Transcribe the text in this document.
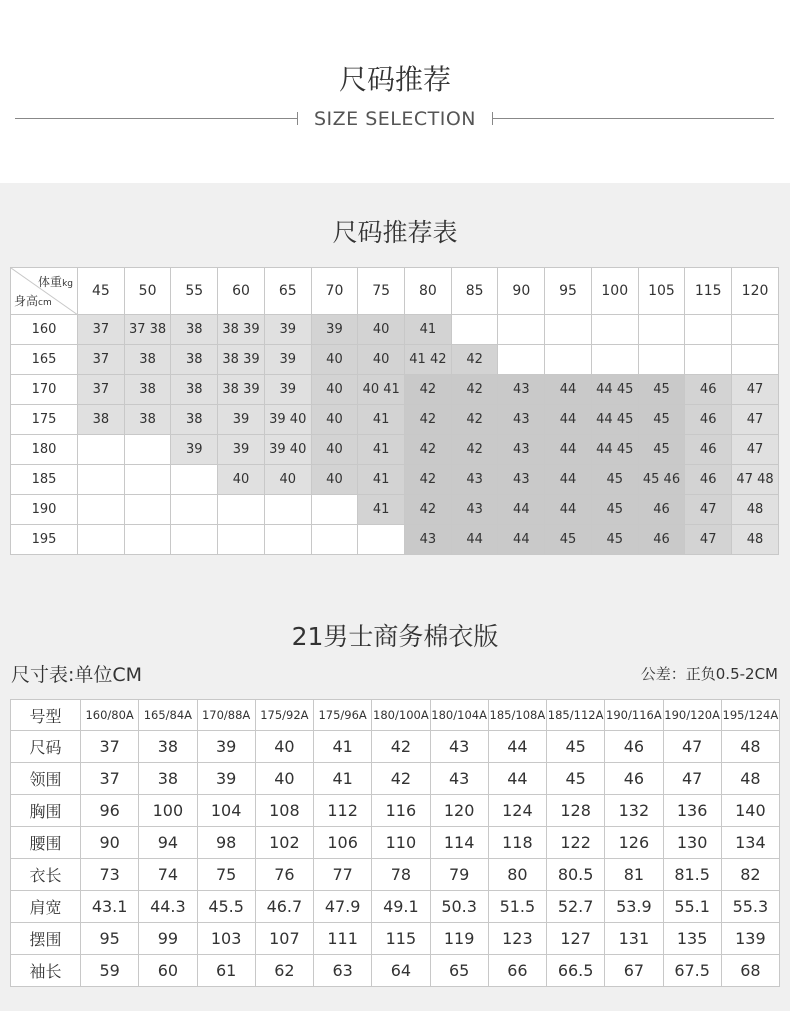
尺码推荐
SIZE SELECTION
尺码推荐表
体重kg
身高cm	45	50	55	60	65	70	75	80	85	90	95	100	105	115	120
160	37	37 38	38	38 39	39	39	40	41							
165	37	38	38	38 39	39	40	40	41 42	42						
170	37	38	38	38 39	39	40	40 41	42	42	43	44	44 45	45	46	47
175	38	38	38	39	39 40	40	41	42	42	43	44	44 45	45	46	47
180			39	39	39 40	40	41	42	42	43	44	44 45	45	46	47
185				40	40	40	41	42	43	43	44	45	45 46	46	47 48
190							41	42	43	44	44	45	46	47	48
195								43	44	44	45	45	46	47	48
21男士商务棉衣版
尺寸表:单位CM	公差：正负0.5-2CM
号型	160/80A	165/84A	170/88A	175/92A	175/96A	180/100A	180/104A	185/108A	185/112A	190/116A	190/120A	195/124A
尺码	37	38	39	40	41	42	43	44	45	46	47	48
领围	37	38	39	40	41	42	43	44	45	46	47	48
胸围	96	100	104	108	112	116	120	124	128	132	136	140
腰围	90	94	98	102	106	110	114	118	122	126	130	134
衣长	73	74	75	76	77	78	79	80	80.5	81	81.5	82
肩宽	43.1	44.3	45.5	46.7	47.9	49.1	50.3	51.5	52.7	53.9	55.1	55.3
摆围	95	99	103	107	111	115	119	123	127	131	135	139
袖长	59	60	61	62	63	64	65	66	66.5	67	67.5	68
